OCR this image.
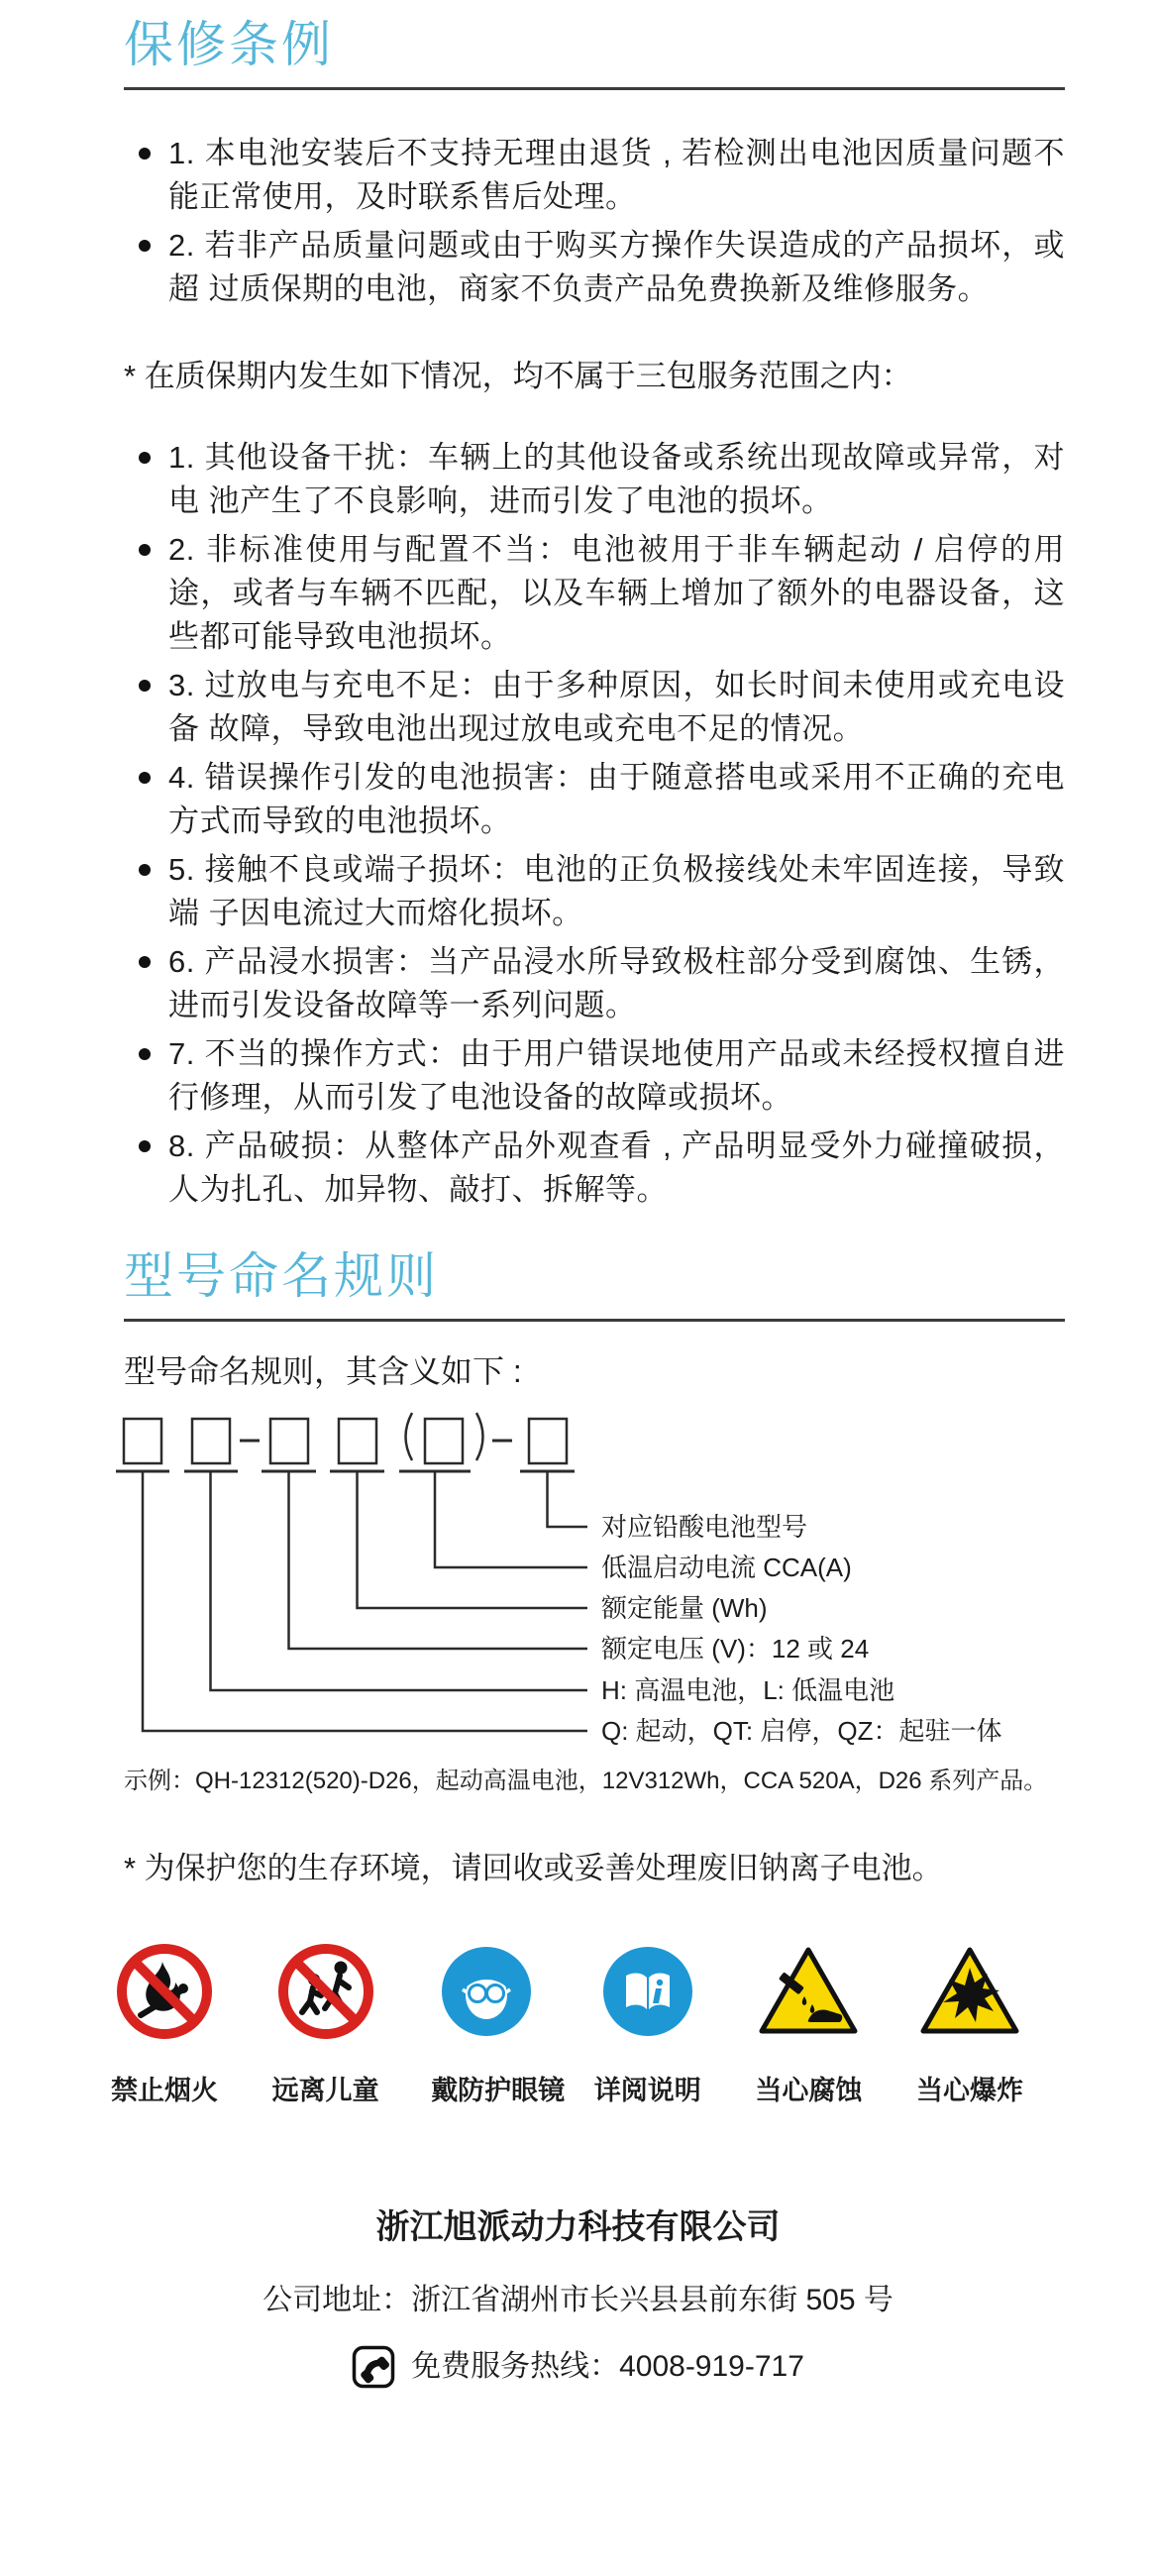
保修条例
1. 本电池安装后不支持无理由退货 , 若检测出电池因质量问题不能正常使用，及时联系售后处理。
2. 若非产品质量问题或由于购买方操作失误造成的产品损坏，或超 过质保期的电池，商家不负责产品免费换新及维修服务。
* 在质保期内发生如下情况，均不属于三包服务范围之内：
1. 其他设备干扰：车辆上的其他设备或系统出现故障或异常，对电 池产生了不良影响，进而引发了电池的损坏。
2. 非标准使用与配置不当：电池被用于非车辆起动 / 启停的用途，或者与车辆不匹配，以及车辆上增加了额外的电器设备，这些都可能导致电池损坏。
3. 过放电与充电不足：由于多种原因，如长时间未使用或充电设备 故障，导致电池出现过放电或充电不足的情况。
4. 错误操作引发的电池损害：由于随意搭电或采用不正确的充电方式而导致的电池损坏。
5. 接触不良或端子损坏：电池的正负极接线处未牢固连接，导致端 子因电流过大而熔化损坏。
6. 产品浸水损害：当产品浸水所导致极柱部分受到腐蚀、生锈，进而引发设备故障等一系列问题。
7. 不当的操作方式：由于用户错误地使用产品或未经授权擅自进行修理，从而引发了电池设备的故障或损坏。
8. 产品破损：从整体产品外观查看 , 产品明显受外力碰撞破损，人为扎孔、加异物、敲打、拆解等。
型号命名规则
型号命名规则，其含义如下 :
对应铅酸电池型号
低温启动电流 CCA(A)
额定能量 (Wh)
额定电压 (V)：12 或 24
H: 高温电池，L: 低温电池
Q: 起动，QT: 启停，QZ：起驻一体
示例：QH-12312(520)-D26，起动高温电池，12V312Wh，CCA 520A，D26 系列产品。
* 为保护您的生存环境，请回收或妥善处理废旧钠离子电池。
禁止烟火 远离儿童 戴防护眼镜 详阅说明 当心腐蚀 当心爆炸
浙江旭派动力科技有限公司
公司地址：浙江省湖州市长兴县县前东街 505 号
免费服务热线：4008-919-717
